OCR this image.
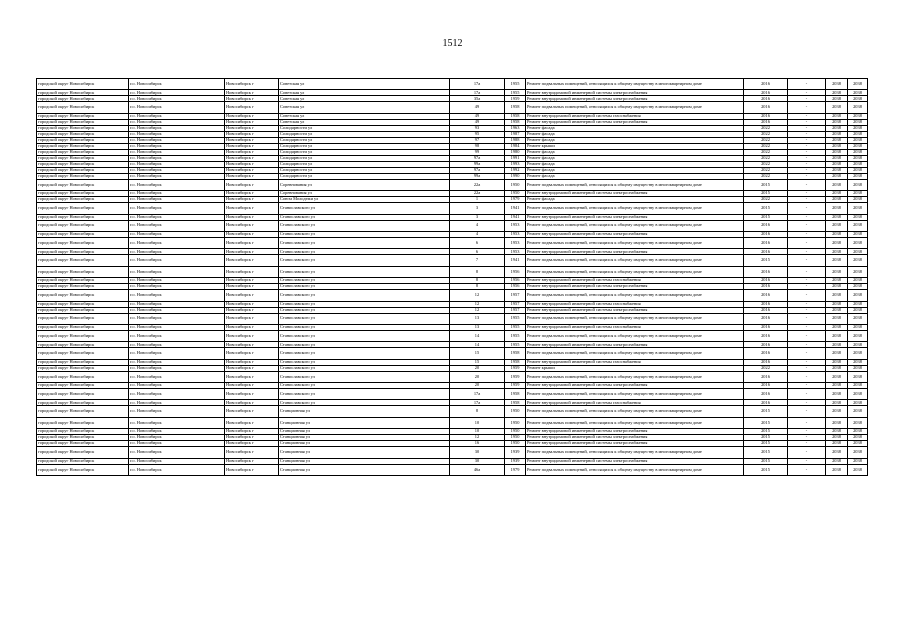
1512
городской округ Новосибирск	г.о. Новосибирск	Новосибирск г	Советская ул	17а	1955	Ремонт подвальных помещений, относящихся к общему имуществу в многоквартирном доме	2016	-	2038	2038
городской округ Новосибирск	г.о. Новосибирск	Новосибирск г	Советская ул	17а	1955	Ремонт внутридомовой инженерной системы электроснабжения	2016	-	2038	2038
городской округ Новосибирск	г.о. Новосибирск	Новосибирск г	Советская ул	35а	1959	Ремонт внутридомовой инженерной системы электроснабжения	2016	-	2038	2038
городской округ Новосибирск	г.о. Новосибирск	Новосибирск г	Советская ул	49	1958	Ремонт подвальных помещений, относящихся к общему имуществу в многоквартирном доме	2016	-	2038	2038
городской округ Новосибирск	г.о. Новосибирск	Новосибирск г	Советская ул	49	1958	Ремонт внутридомовой инженерной системы газоснабжения	2016	-	2038	2038
городской округ Новосибирск	г.о. Новосибирск	Новосибирск г	Советская ул	49	1958	Ремонт внутридомовой инженерной системы электроснабжения	2016	-	2038	2038
городской округ Новосибирск	г.о. Новосибирск	Новосибирск г	Солидарности ул	93	1963	Ремонт фасада	2022	-	2038	2038
городской округ Новосибирск	г.о. Новосибирск	Новосибирск г	Солидарности ул	95	1987	Ремонт фасада	2022	-	2038	2038
городской округ Новосибирск	г.о. Новосибирск	Новосибирск г	Солидарности ул	97	1988	Ремонт фасада	2022	-	2038	2038
городской округ Новосибирск	г.о. Новосибирск	Новосибирск г	Солидарности ул	98	1984	Ремонт крыши	2022	-	2038	2038
городской округ Новосибирск	г.о. Новосибирск	Новосибирск г	Солидарности ул	99	1980	Ремонт фасада	2022	-	2038	2038
городской округ Новосибирск	г.о. Новосибирск	Новосибирск г	Солидарности ул	97а	1991	Ремонт фасада	2022	-	2038	2038
городской округ Новосибирск	г.о. Новосибирск	Новосибирск г	Солидарности ул	99а	1993	Ремонт фасада	2022	-	2038	2038
городской округ Новосибирск	г.о. Новосибирск	Новосибирск г	Солидарности ул	97а	1992	Ремонт фасада	2022	-	2038	2038
городской округ Новосибирск	г.о. Новосибирск	Новосибирск г	Солидарности ул	99а	1990	Ремонт фасада	2022	-	2038	2038
городской округ Новосибирск	г.о. Новосибирск	Новосибирск г	Соревнования ул	22а	1950	Ремонт подвальных помещений, относящихся к общему имуществу в многоквартирном доме	2015	-	2038	2038
городской округ Новосибирск	г.о. Новосибирск	Новосибирск г	Соревнования ул	22а	1950	Ремонт внутридомовой инженерной системы электроснабжения	2015	-	2038	2038
городской округ Новосибирск	г.о. Новосибирск	Новосибирск г	Союза Молодежи ул	1	1979	Ремонт фасада	2022	-	2038	2038
городской округ Новосибирск	г.о. Новосибирск	Новосибирск г	Станиславского ул	3	1941	Ремонт подвальных помещений, относящихся к общему имуществу в многоквартирном доме	2015	-	2038	2038
городской округ Новосибирск	г.о. Новосибирск	Новосибирск г	Станиславского ул	3	1941	Ремонт внутридомовой инженерной системы электроснабжения	2015	-	2038	2038
городской округ Новосибирск	г.о. Новосибирск	Новосибирск г	Станиславского ул	4	1953	Ремонт подвальных помещений, относящихся к общему имуществу в многоквартирном доме	2016	-	2038	2038
городской округ Новосибирск	г.о. Новосибирск	Новосибирск г	Станиславского ул	4	1953	Ремонт внутридомовой инженерной системы электроснабжения	2016	-	2038	2038
городской округ Новосибирск	г.о. Новосибирск	Новосибирск г	Станиславского ул	6	1953	Ремонт подвальных помещений, относящихся к общему имуществу в многоквартирном доме	2016	-	2038	2038
городской округ Новосибирск	г.о. Новосибирск	Новосибирск г	Станиславского ул	6	1953	Ремонт внутридомовой инженерной системы электроснабжения	2016	-	2038	2038
городской округ Новосибирск	г.о. Новосибирск	Новосибирск г	Станиславского ул	7	1941	Ремонт подвальных помещений, относящихся к общему имуществу в многоквартирном доме	2015	-	2038	2038
городской округ Новосибирск	г.о. Новосибирск	Новосибирск г	Станиславского ул	8	1956	Ремонт подвальных помещений, относящихся к общему имуществу в многоквартирном доме	2016	-	2038	2038
городской округ Новосибирск	г.о. Новосибирск	Новосибирск г	Станиславского ул	8	1956	Ремонт внутридомовой инженерной системы газоснабжения	2016	-	2038	2038
городской округ Новосибирск	г.о. Новосибирск	Новосибирск г	Станиславского ул	8	1956	Ремонт внутридомовой инженерной системы электроснабжения	2016	-	2038	2038
городской округ Новосибирск	г.о. Новосибирск	Новосибирск г	Станиславского ул	12	1957	Ремонт подвальных помещений, относящихся к общему имуществу в многоквартирном доме	2016	-	2038	2038
городской округ Новосибирск	г.о. Новосибирск	Новосибирск г	Станиславского ул	12	1957	Ремонт внутридомовой инженерной системы газоснабжения	2016	-	2038	2038
городской округ Новосибирск	г.о. Новосибирск	Новосибирск г	Станиславского ул	12	1957	Ремонт внутридомовой инженерной системы электроснабжения	2016	-	2038	2038
городской округ Новосибирск	г.о. Новосибирск	Новосибирск г	Станиславского ул	13	1955	Ремонт подвальных помещений, относящихся к общему имуществу в многоквартирном доме	2016	-	2038	2038
городской округ Новосибирск	г.о. Новосибирск	Новосибирск г	Станиславского ул	13	1955	Ремонт внутридомовой инженерной системы газоснабжения	2016	-	2038	2038
городской округ Новосибирск	г.о. Новосибирск	Новосибирск г	Станиславского ул	14	1955	Ремонт подвальных помещений, относящихся к общему имуществу в многоквартирном доме	2016	-	2038	2038
городской округ Новосибирск	г.о. Новосибирск	Новосибирск г	Станиславского ул	14	1955	Ремонт внутридомовой инженерной системы электроснабжения	2016	-	2038	2038
городской округ Новосибирск	г.о. Новосибирск	Новосибирск г	Станиславского ул	15	1958	Ремонт подвальных помещений, относящихся к общему имуществу в многоквартирном доме	2016	-	2038	2038
городской округ Новосибирск	г.о. Новосибирск	Новосибирск г	Станиславского ул	15	1958	Ремонт внутридомовой инженерной системы газоснабжения	2016	-	2038	2038
городской округ Новосибирск	г.о. Новосибирск	Новосибирск г	Станиславского ул	20	1959	Ремонт крыши	2022	-	2038	2038
городской округ Новосибирск	г.о. Новосибирск	Новосибирск г	Станиславского ул	20	1959	Ремонт подвальных помещений, относящихся к общему имуществу в многоквартирном доме	2016	-	2038	2038
городской округ Новосибирск	г.о. Новосибирск	Новосибирск г	Станиславского ул	20	1959	Ремонт внутридомовой инженерной системы электроснабжения	2016	-	2038	2038
городской округ Новосибирск	г.о. Новосибирск	Новосибирск г	Станиславского ул	17а	1958	Ремонт подвальных помещений, относящихся к общему имуществу в многоквартирном доме	2016	-	2038	2038
городской округ Новосибирск	г.о. Новосибирск	Новосибирск г	Станиславского ул	17а	1958	Ремонт внутридомовой инженерной системы газоснабжения	2016	-	2038	2038
городской округ Новосибирск	г.о. Новосибирск	Новосибирск г	Станционная ул	8	1950	Ремонт подвальных помещений, относящихся к общему имуществу в многоквартирном доме	2015	-	2038	2038
городской округ Новосибирск	г.о. Новосибирск	Новосибирск г	Станционная ул	10	1950	Ремонт подвальных помещений, относящихся к общему имуществу в многоквартирном доме	2015	-	2038	2038
городской округ Новосибирск	г.о. Новосибирск	Новосибирск г	Станционная ул	10	1950	Ремонт внутридомовой инженерной системы электроснабжения	2015	-	2038	2038
городской округ Новосибирск	г.о. Новосибирск	Новосибирск г	Станционная ул	12	1950	Ремонт внутридомовой инженерной системы электроснабжения	2015	-	2038	2038
городской округ Новосибирск	г.о. Новосибирск	Новосибирск г	Станционная ул	16	1950	Ремонт внутридомовой инженерной системы электроснабжения	2015	-	2038	2038
городской округ Новосибирск	г.о. Новосибирск	Новосибирск г	Станционная ул	30	1939	Ремонт подвальных помещений, относящихся к общему имуществу в многоквартирном доме	2015	-	2038	2038
городской округ Новосибирск	г.о. Новосибирск	Новосибирск г	Станционная ул	30	1939	Ремонт внутридомовой инженерной системы электроснабжения	2015	-	2038	2038
городской округ Новосибирск	г.о. Новосибирск	Новосибирск г	Станционная ул	46а	1979	Ремонт подвальных помещений, относящихся к общему имуществу в многоквартирном доме	2015	-	2038	2038
